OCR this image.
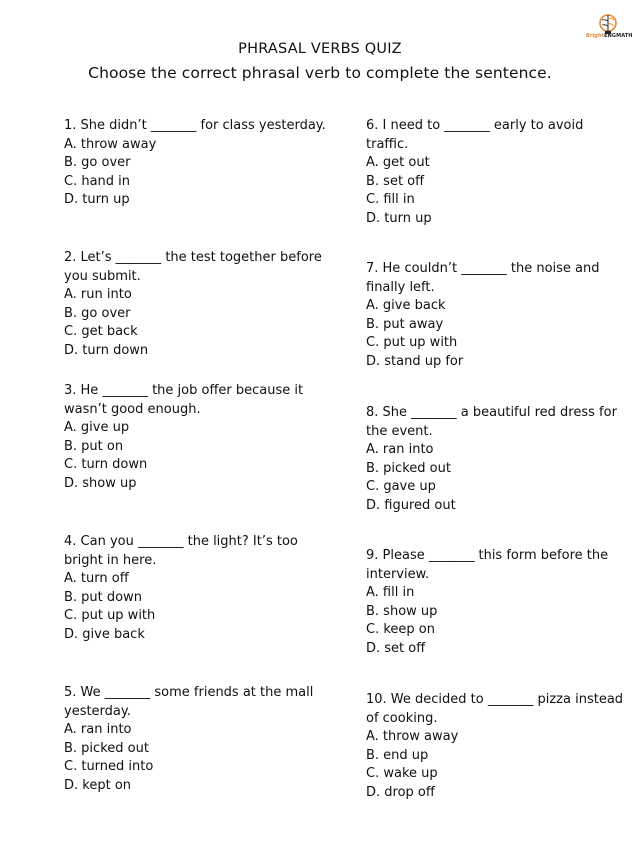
BrightENGMATH
PHRASAL VERBS QUIZ
Choose the correct phrasal verb to complete the sentence.

1. She didn’t _______ for class yesterday.

A. throw away

B. go over

C. hand in

D. turn up

2. Let’s _______ the test together before you submit.

A. run into

B. go over

C. get back

D. turn down

3. He _______ the job offer because it wasn’t good enough.

A. give up

B. put on

C. turn down

D. show up

4. Can you _______ the light? It’s too bright in here.

A. turn off

B. put down

C. put up with

D. give back

5. We _______ some friends at the mall yesterday.

A. ran into

B. picked out

C. turned into

D. kept on

6. I need to _______ early to avoid traffic.

A. get out

B. set off

C. fill in

D. turn up

7. He couldn’t _______ the noise and finally left.

A. give back

B. put away

C. put up with

D. stand up for

8. She _______ a beautiful red dress for the event.

A. ran into

B. picked out

C. gave up

D. figured out

9. Please _______ this form before the interview.

A. fill in

B. show up

C. keep on

D. set off

10. We decided to _______ pizza instead of cooking.

A. throw away

B. end up

C. wake up

D. drop off
